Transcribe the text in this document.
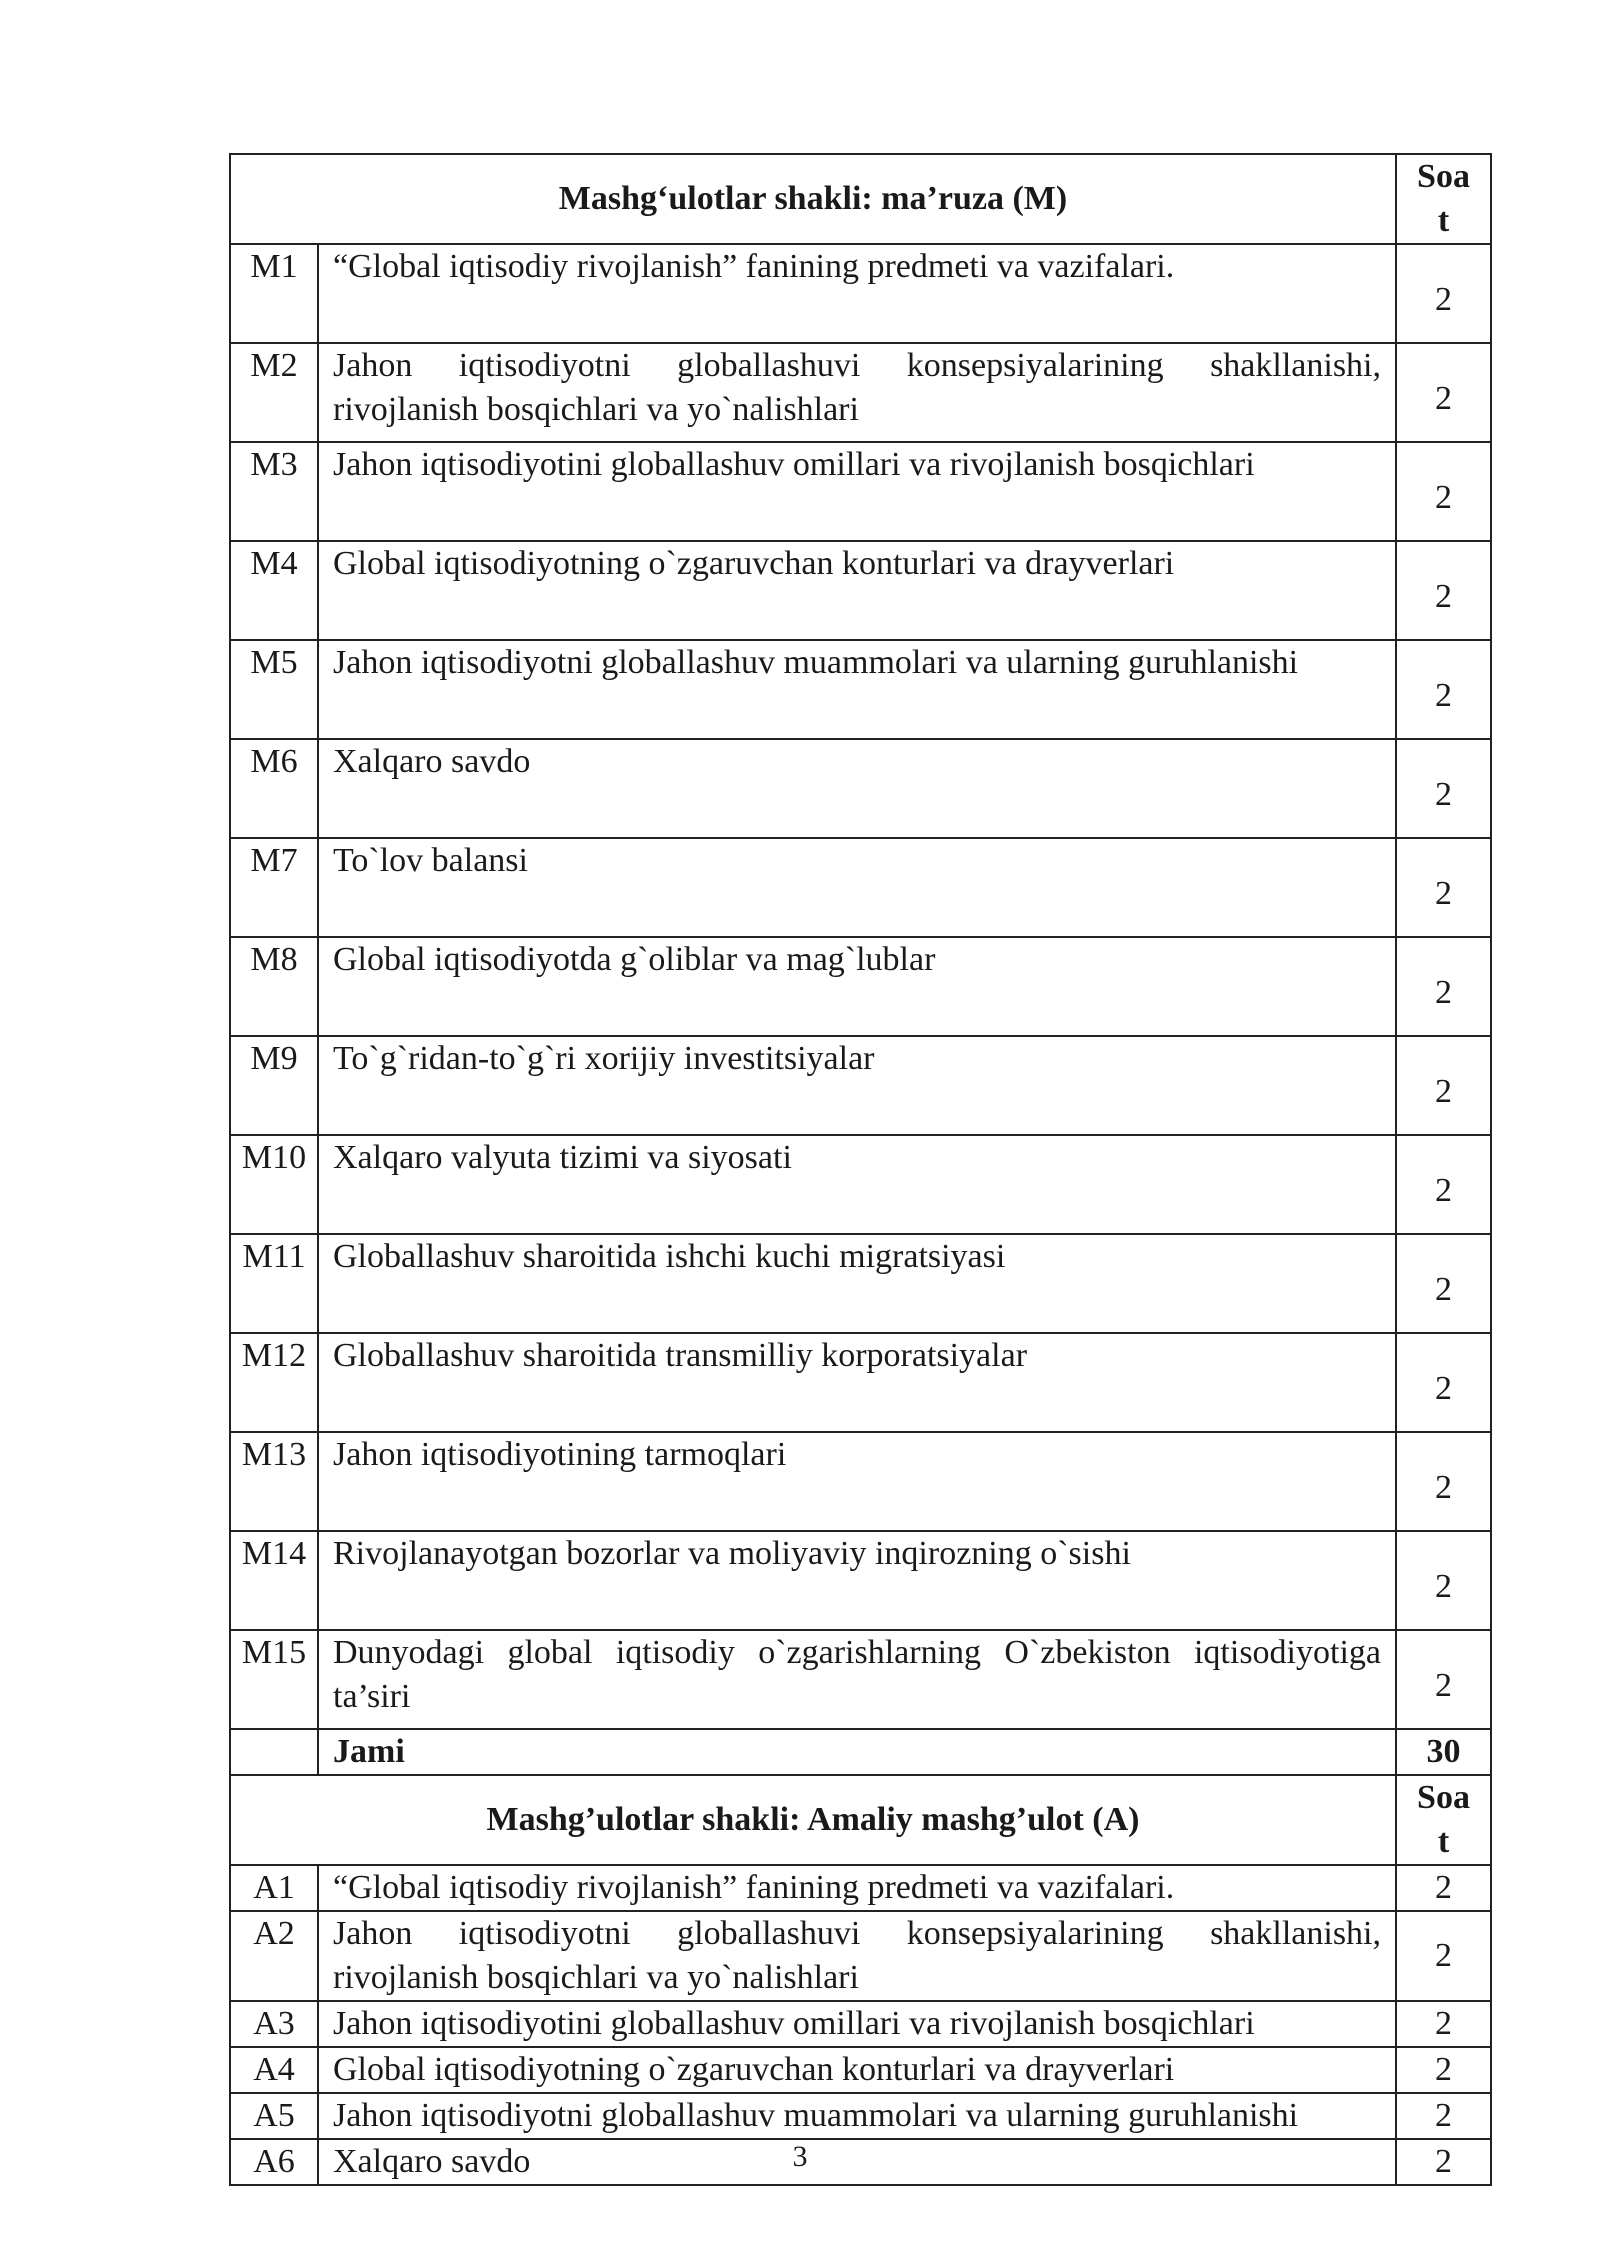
Mashg‘ulotlar shakli: ma’ruza (M)		Soa
t
M1	“Global iqtisodiy rivojlanish” fanining predmeti va vazifalari.	2
M2	Jahon iqtisodiyotni globallashuvi konsepsiyalarining shakllanishi, rivojlanish bosqichlari va yo`nalishlari	2
M3	Jahon iqtisodiyotini globallashuv omillari va rivojlanish bosqichlari	2
M4	Global iqtisodiyotning o`zgaruvchan konturlari va drayverlari	2
M5	Jahon iqtisodiyotni globallashuv muammolari va ularning guruhlanishi	2
M6	Xalqaro savdo	2
M7	To`lov balansi	2
M8	Global iqtisodiyotda g`oliblar va mag`lublar	2
M9	To`g`ridan-to`g`ri xorijiy investitsiyalar	2
M10	Xalqaro valyuta tizimi va siyosati	2
M11	Globallashuv sharoitida ishchi kuchi migratsiyasi	2
M12	Globallashuv sharoitida transmilliy korporatsiyalar	2
M13	Jahon iqtisodiyotining tarmoqlari	2
M14	Rivojlanayotgan bozorlar va moliyaviy inqirozning o`sishi	2
M15	Dunyodagi global iqtisodiy o`zgarishlarning O`zbekiston iqtisodiyotiga ta’siri	2
	Jami	30
Mashg’ulotlar shakli: Amaliy mashg’ulot (A)		Soa
t
A1	“Global iqtisodiy rivojlanish” fanining predmeti va vazifalari.	2
A2	Jahon iqtisodiyotni globallashuvi konsepsiyalarining shakllanishi, rivojlanish bosqichlari va yo`nalishlari	2
A3	Jahon iqtisodiyotini globallashuv omillari va rivojlanish bosqichlari	2
A4	Global iqtisodiyotning o`zgaruvchan konturlari va drayverlari	2
A5	Jahon iqtisodiyotni globallashuv muammolari va ularning guruhlanishi	2
A6	Xalqaro savdo	2
3
